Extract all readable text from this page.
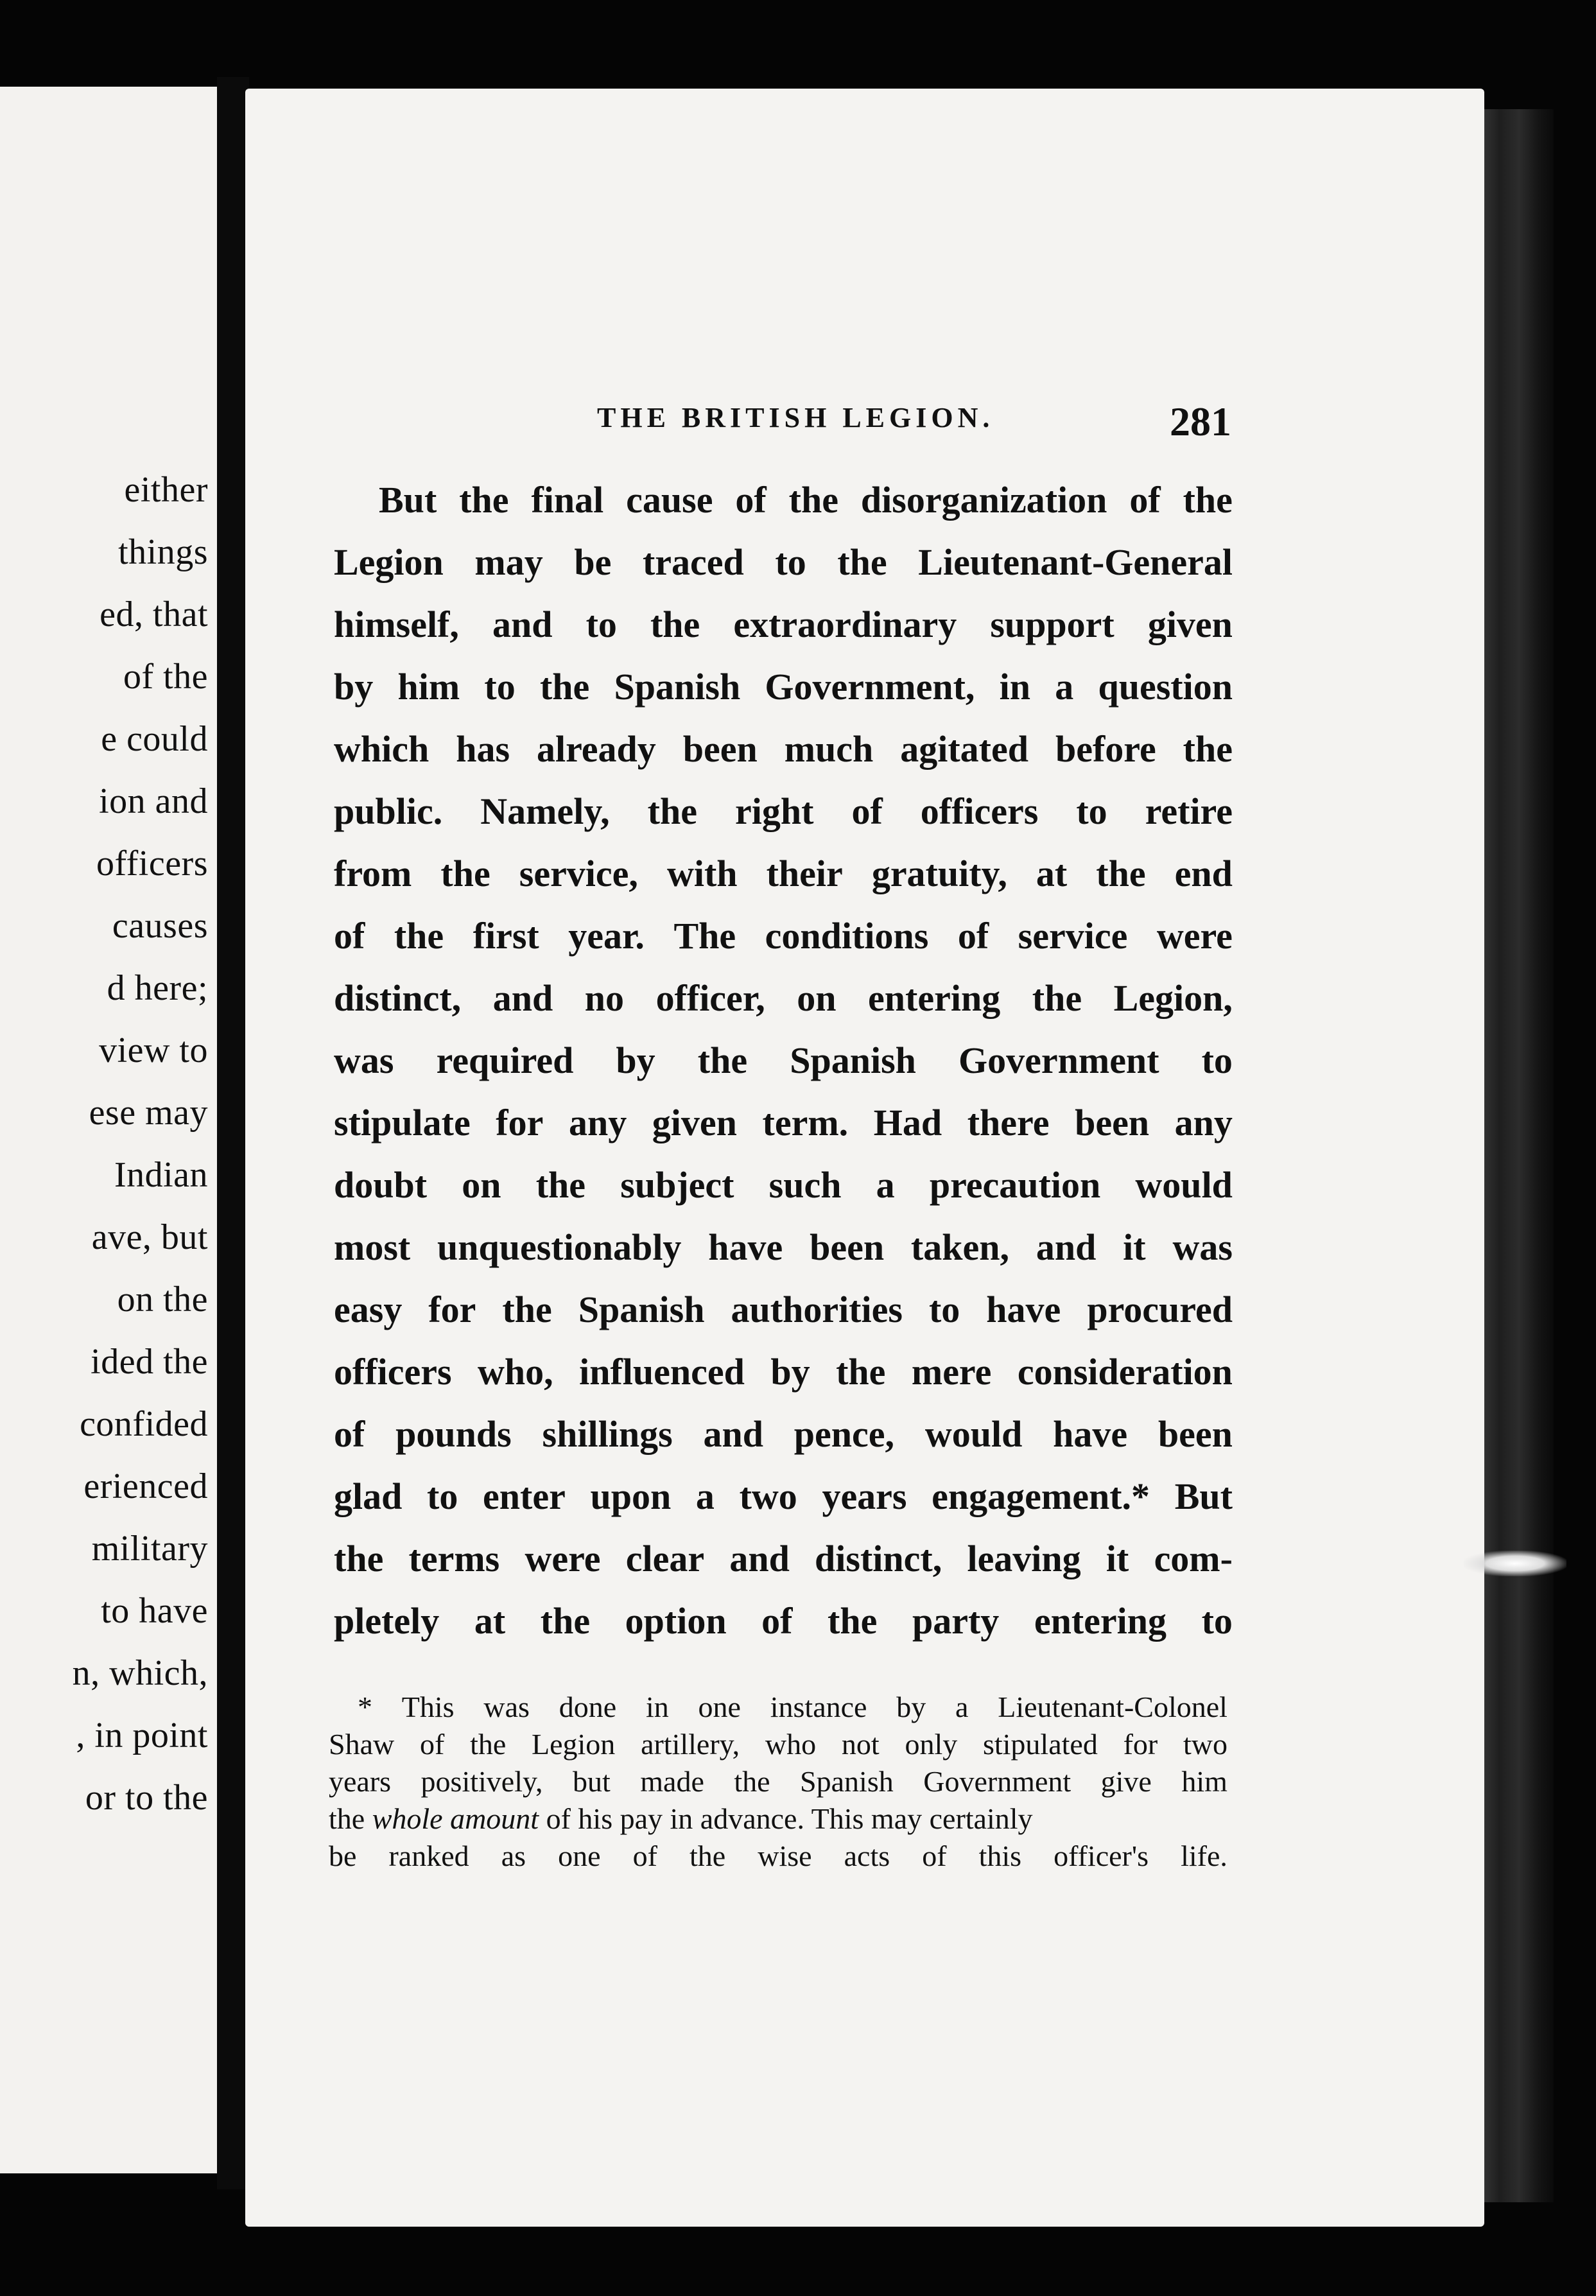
either
things
ed, that
of the
e could
ion and
officers
causes
d here;
view to
ese may
Indian
ave, but
on the
ided the
confided
erienced
military
to have
n, which,
, in point
or to the
THE BRITISH LEGION.	281
But the final cause of the disorganization of the
Legion may be traced to the Lieutenant-General
himself, and to the extraordinary support given
by him to the Spanish Government, in a question
which has already been much agitated before the
public. Namely, the right of officers to retire
from the service, with their gratuity, at the end
of the first year. The conditions of service were
distinct, and no officer, on entering the Legion,
was required by the Spanish Government to
stipulate for any given term. Had there been any
doubt on the subject such a precaution would
most unquestionably have been taken, and it was
easy for the Spanish authorities to have procured
officers who, influenced by the mere consideration
of pounds shillings and pence, would have been
glad to enter upon a two years engagement.* But
the terms were clear and distinct, leaving it com-
pletely at the option of the party entering to
* This was done in one instance by a Lieutenant-Colonel
Shaw of the Legion artillery, who not only stipulated for two
years positively, but made the Spanish Government give him
the whole amount of his pay in advance. This may certainly
be ranked as one of the wise acts of this officer's life.
